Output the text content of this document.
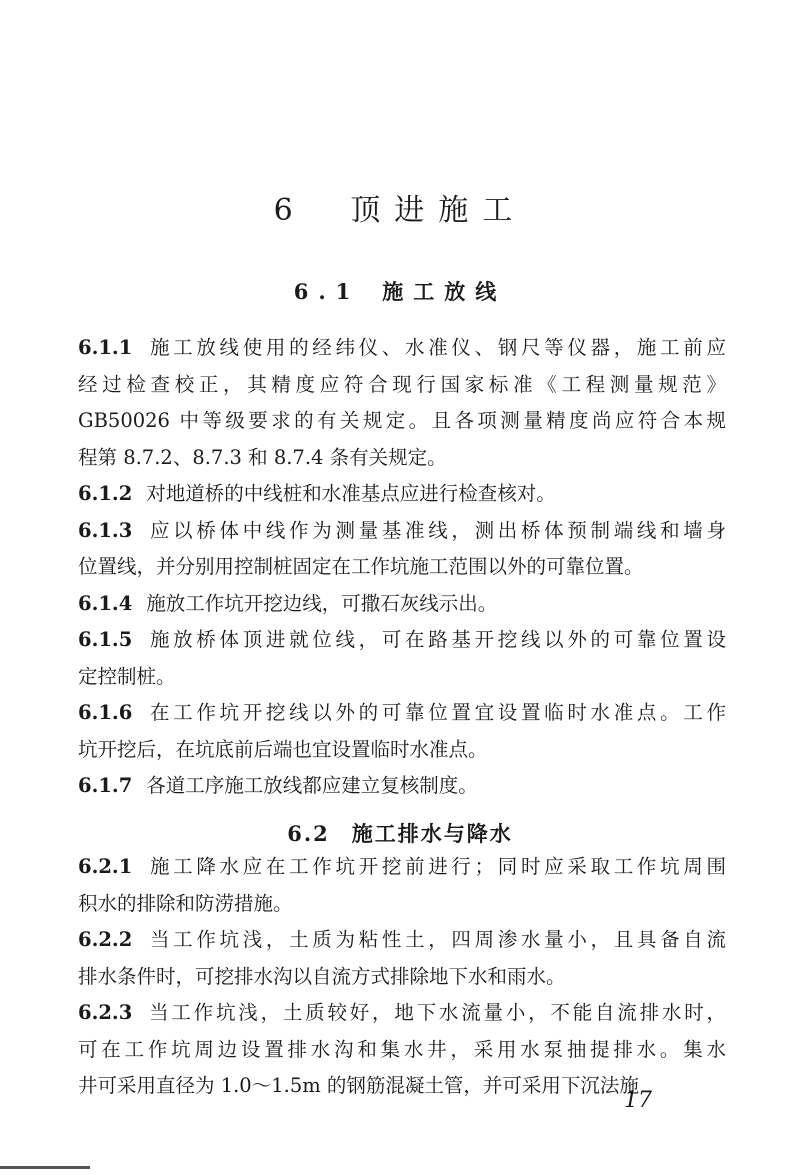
6 顶进施工
6.1 施工放线
6.1.1 施工放线使用的经纬仪、水准仪、钢尺等仪器，施工前应
经过检查校正，其精度应符合现行国家标准《工程测量规范》
GB50026 中等级要求的有关规定。且各项测量精度尚应符合本规
程第 8.7.2、8.7.3 和 8.7.4 条有关规定。
6.1.2 对地道桥的中线桩和水准基点应进行检查核对。
6.1.3 应以桥体中线作为测量基准线，测出桥体预制端线和墙身
位置线，并分别用控制桩固定在工作坑施工范围以外的可靠位置。
6.1.4 施放工作坑开挖边线，可撒石灰线示出。
6.1.5 施放桥体顶进就位线，可在路基开挖线以外的可靠位置设
定控制桩。
6.1.6 在工作坑开挖线以外的可靠位置宜设置临时水准点。工作
坑开挖后，在坑底前后端也宜设置临时水准点。
6.1.7 各道工序施工放线都应建立复核制度。
6.2 施工排水与降水
6.2.1 施工降水应在工作坑开挖前进行；同时应采取工作坑周围
积水的排除和防涝措施。
6.2.2 当工作坑浅，土质为粘性土，四周渗水量小，且具备自流
排水条件时，可挖排水沟以自流方式排除地下水和雨水。
6.2.3 当工作坑浅，土质较好，地下水流量小，不能自流排水时，
可在工作坑周边设置排水沟和集水井，采用水泵抽提排水。集水
井可采用直径为 1.0～1.5m 的钢筋混凝土管，并可采用下沉法施
17
